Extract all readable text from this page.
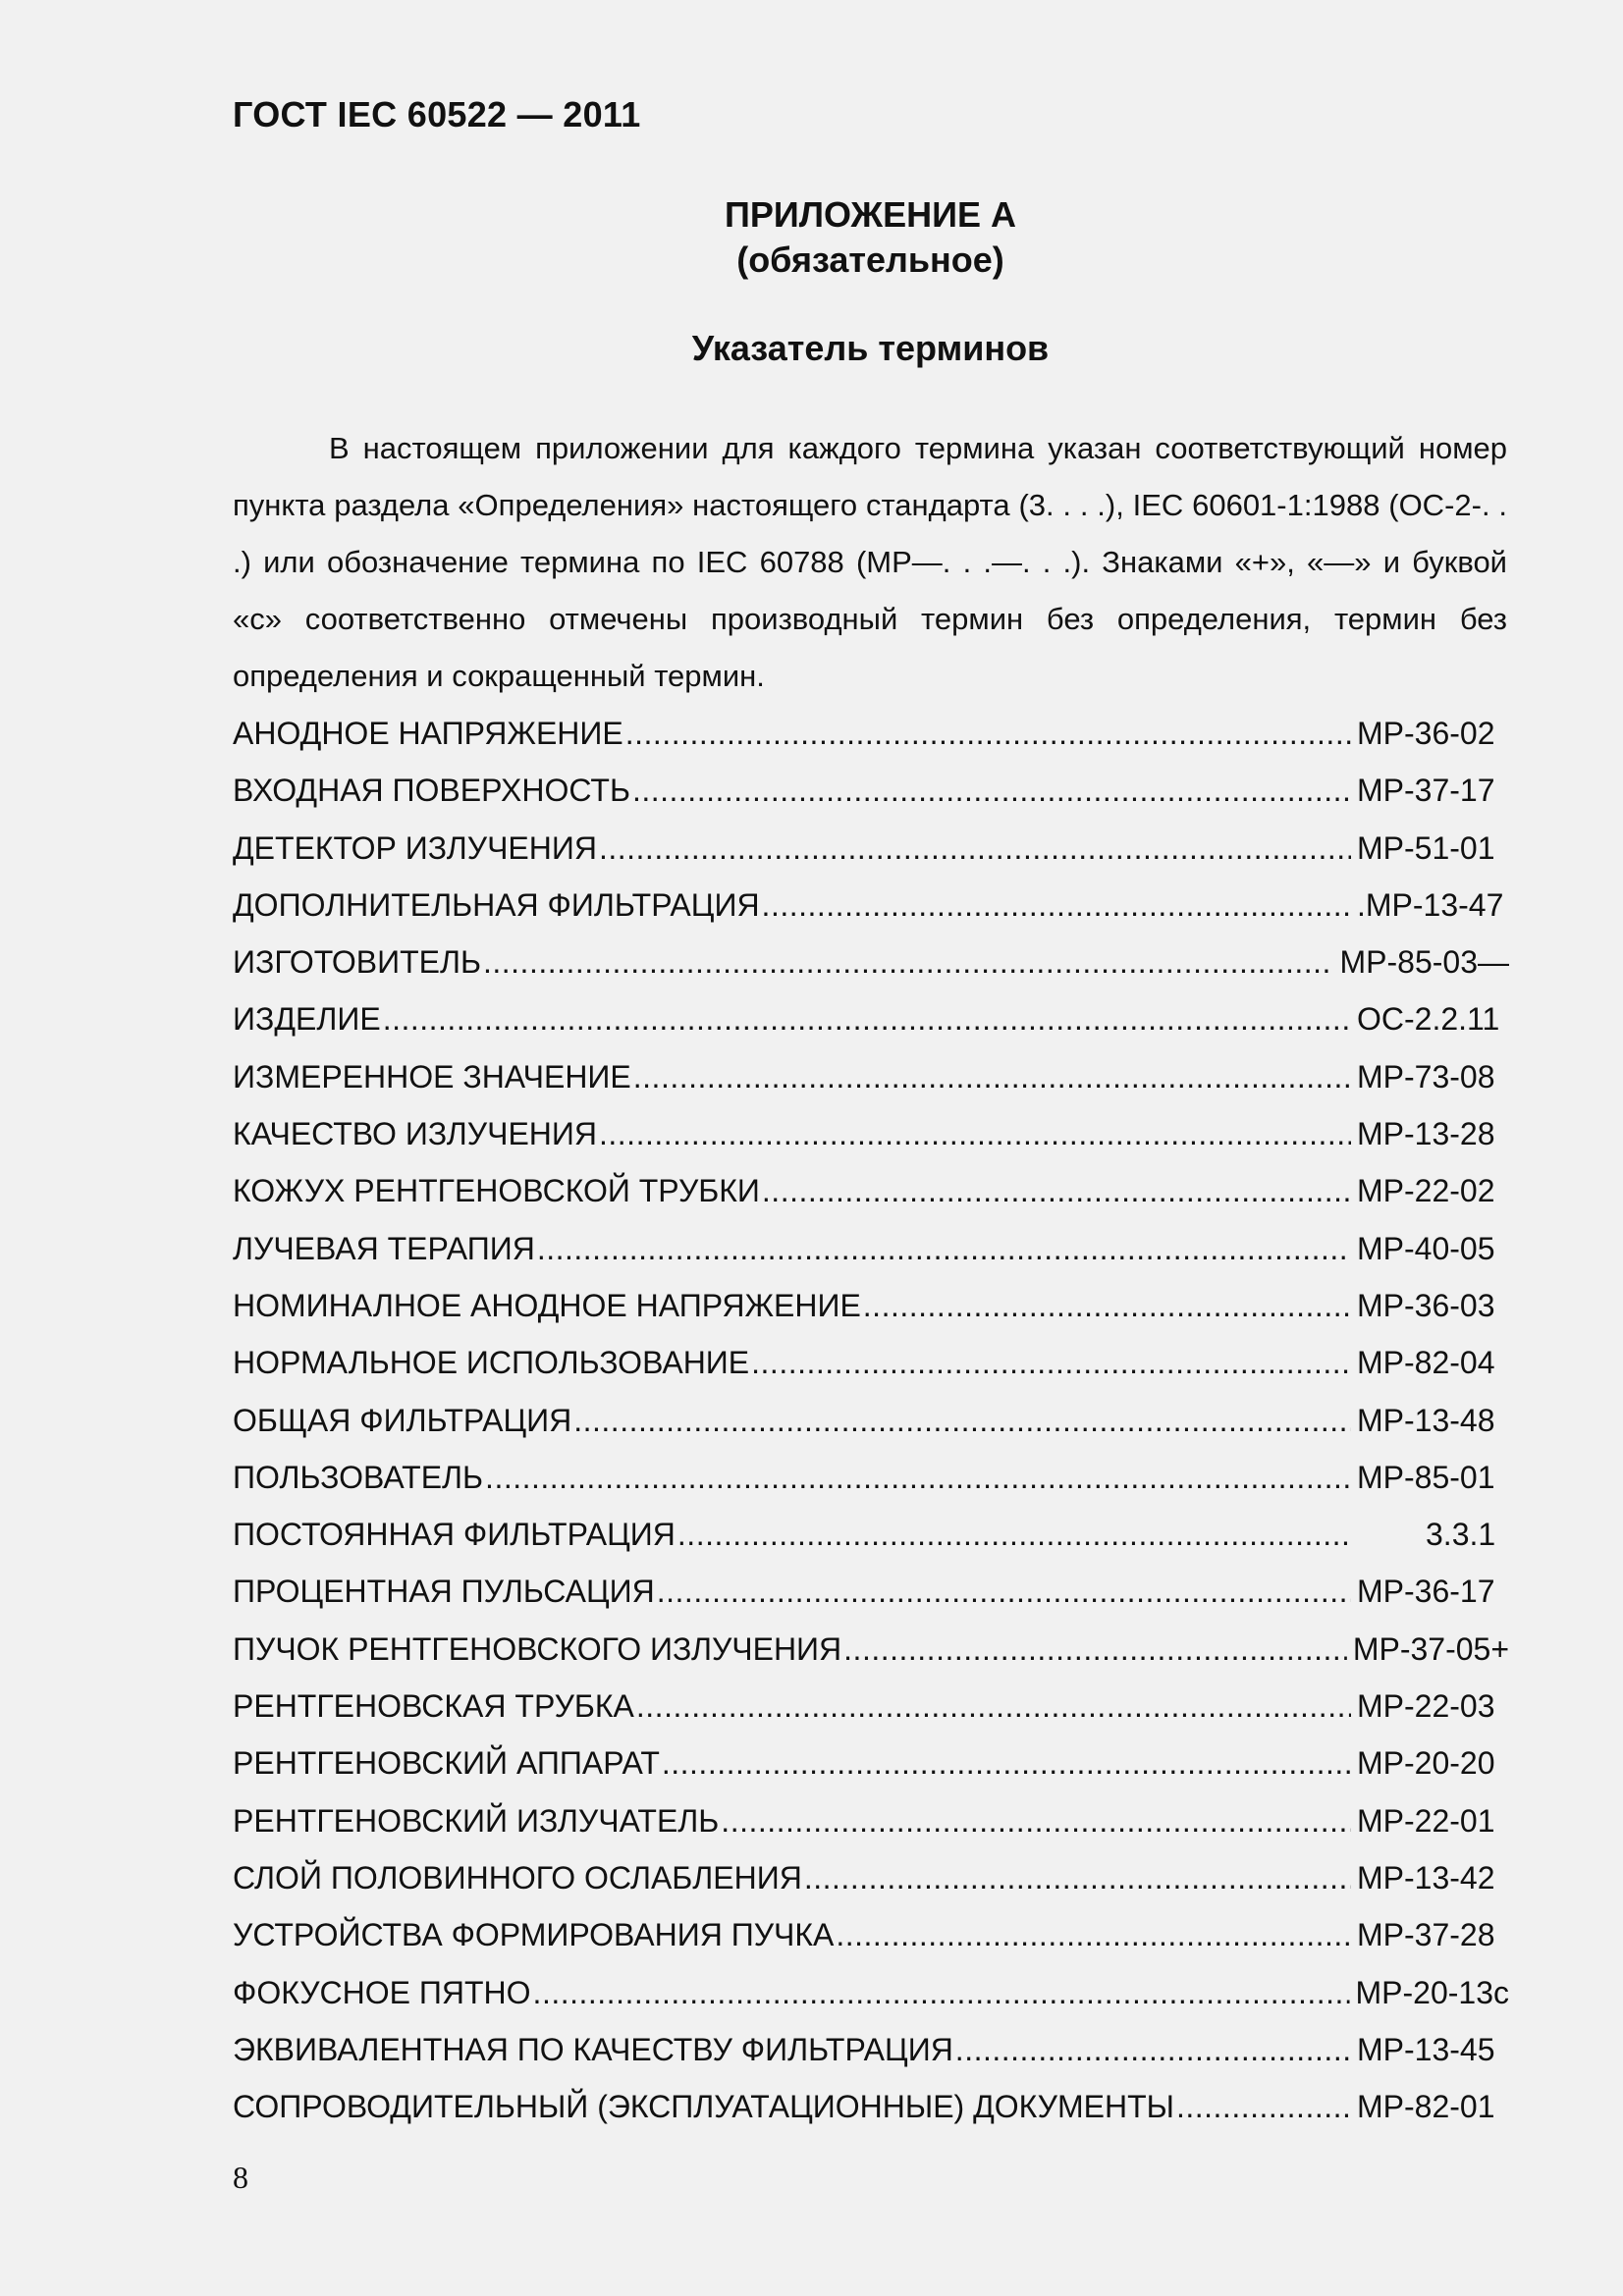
ГОСТ IEC 60522 — 2011
ПРИЛОЖЕНИЕ А
(обязательное)
Указатель терминов

В настоящем приложении для каждого термина указан соответствующий номер пункта раздела «Определения» настоящего стандарта (3. . . .), IEC 60601-1:1988 (ОС-2-. . .) или обозначение термина по IEC 60788 (МР—. . .—. . .). Знаками «+», «—» и буквой «с» соответственно отмечены производный термин без определения, термин без определения и сокращенный термин.

АНОДНОЕ НАПРЯЖЕНИЕ .....	МР-36-02
ВХОДНАЯ ПОВЕРХНОСТЬ .....	МР-37-17
ДЕТЕКТОР ИЗЛУЧЕНИЯ .....	МР-51-01
ДОПОЛНИТЕЛЬНАЯ ФИЛЬТРАЦИЯ .....	.МР-13-47
ИЗГОТОВИТЕЛЬ .....	МР-85-03—
ИЗДЕЛИЕ .....	ОС-2.2.11
ИЗМЕРЕННОЕ ЗНАЧЕНИЕ .....	МР-73-08
КАЧЕСТВО ИЗЛУЧЕНИЯ .....	МР-13-28
КОЖУХ РЕНТГЕНОВСКОЙ ТРУБКИ .....	МР-22-02
ЛУЧЕВАЯ ТЕРАПИЯ .....	МР-40-05
НОМИНАЛНОЕ АНОДНОЕ НАПРЯЖЕНИЕ .....	МР-36-03
НОРМАЛЬНОЕ ИСПОЛЬЗОВАНИЕ .....	МР-82-04
ОБЩАЯ ФИЛЬТРАЦИЯ .....	МР-13-48
ПОЛЬЗОВАТЕЛЬ .....	МР-85-01
ПОСТОЯННАЯ ФИЛЬТРАЦИЯ .....	3.3.1
ПРОЦЕНТНАЯ ПУЛЬСАЦИЯ .....	МР-36-17
ПУЧОК РЕНТГЕНОВСКОГО ИЗЛУЧЕНИЯ .....	МР-37-05+
РЕНТГЕНОВСКАЯ ТРУБКА .....	МР-22-03
РЕНТГЕНОВСКИЙ АППАРАТ .....	МР-20-20
РЕНТГЕНОВСКИЙ ИЗЛУЧАТЕЛЬ .....	МР-22-01
СЛОЙ ПОЛОВИННОГО ОСЛАБЛЕНИЯ .....	МР-13-42
УСТРОЙСТВА ФОРМИРОВАНИЯ ПУЧКА .....	МР-37-28
ФОКУСНОЕ ПЯТНО .....	МР-20-13с
ЭКВИВАЛЕНТНАЯ ПО КАЧЕСТВУ ФИЛЬТРАЦИЯ .....	МР-13-45
СОПРОВОДИТЕЛЬНЫЙ (ЭКСПЛУАТАЦИОННЫЕ) ДОКУМЕНТЫ .....	МР-82-01
8
